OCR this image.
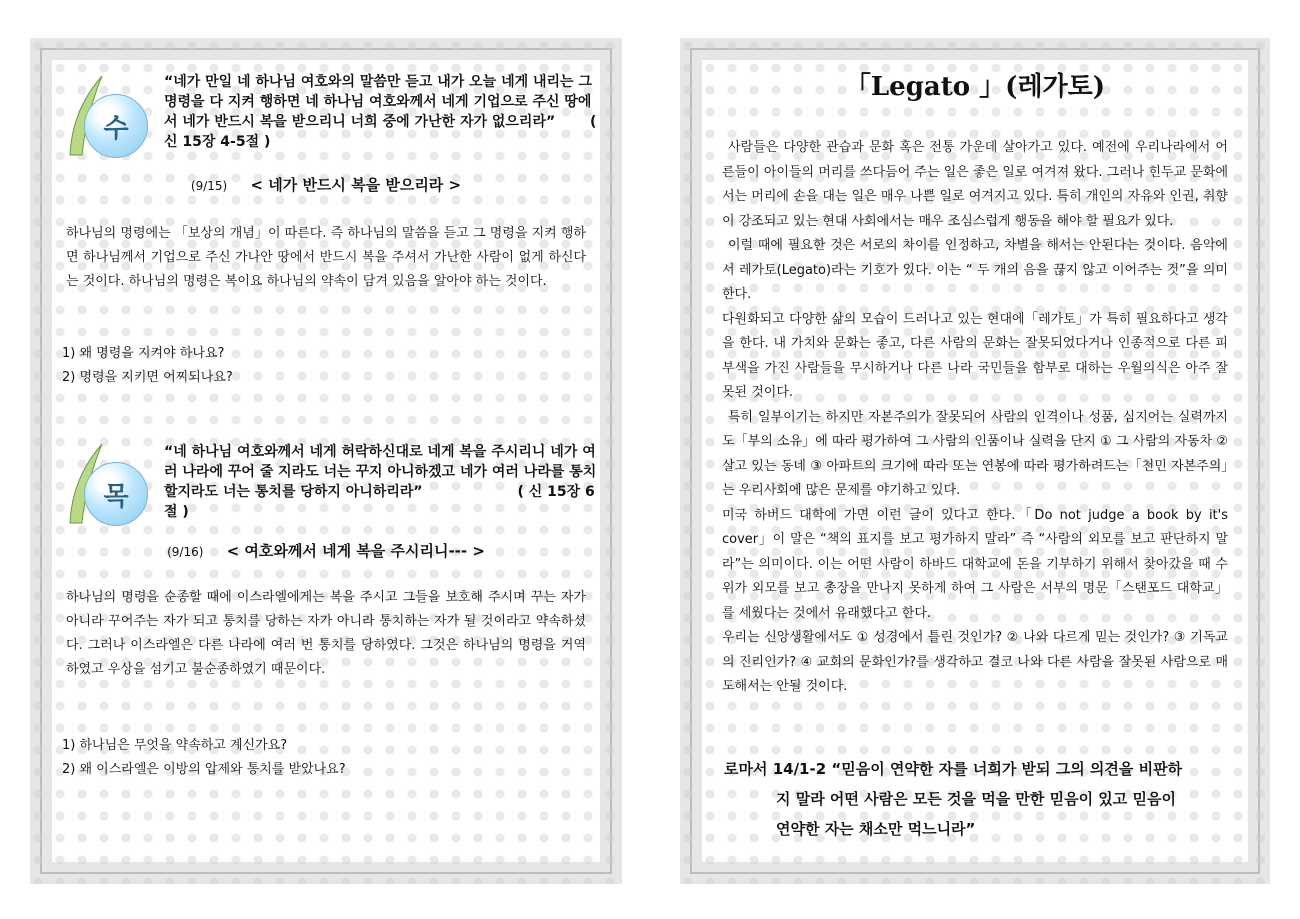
수
“네가 만일 네 하나님 여호와의 말씀만 듣고 내가 오늘 네게 내리는 그 명령을 다 지켜 행하면 네 하나님 여호와께서 네게 기업으로 주신 땅에서 네가 반드시 복을 받으리니 너희 중에 가난한 자가 없으리라” ( 신 15장 4-5절 )
(9/15) < 네가 반드시 복을 받으리라 >
하나님의 명령에는 「보상의 개념」이 따른다. 즉 하나님의 말씀을 듣고 그 명령을 지켜 행하면 하나님께서 기업으로 주신 가나안 땅에서 반드시 복을 주셔서 가난한 사람이 없게 하신다는 것이다. 하나님의 명령은 복이요 하나님의 약속이 담겨 있음을 알아야 하는 것이다.
1) 왜 명령을 지켜야 하나요?
2) 명령을 지키면 어찌되나요?
목
“네 하나님 여호와께서 네게 허락하신대로 네게 복을 주시리니 네가 여러 나라에 꾸어 줄 지라도 너는 꾸지 아니하겠고 네가 여러 나라를 통치할지라도 너는 통치를 당하지 아니하리라”	( 신 15장 6절 )
(9/16) < 여호와께서 네게 복을 주시리니--- >
하나님의 명령을 순종할 때에 이스라엘에게는 복을 주시고 그들을 보호해 주시며 꾸는 자가 아니라 꾸어주는 자가 되고 통치를 당하는 자가 아니라 통치하는 자가 될 것이라고 약속하셨다. 그러나 이스라엘은 다른 나라에 여러 번 통치를 당하였다. 그것은 하나님의 명령을 거역하였고 우상을 섬기고 불순종하였기 때문이다.
1) 하나님은 무엇을 약속하고 계신가요?
2) 왜 이스라엘은 이방의 압제와 통치를 받았나요?
「Legato 」(레가토)

사람들은 다양한 관습과 문화 혹은 전통 가운데 살아가고 있다. 예전에 우리나라에서 어른들이 아이들의 머리를 쓰다듬어 주는 일은 좋은 일로 여겨져 왔다. 그러나 힌두교 문화에서는 머리에 손을 대는 일은 매우 나쁜 일로 여겨지고 있다. 특히 개인의 자유와 인권, 취향이 강조되고 있는 현대 사회에서는 매우 조심스럽게 행동을 해야 할 필요가 있다.

이럴 때에 필요한 것은 서로의 차이를 인정하고, 차별을 해서는 안된다는 것이다. 음악에서 레가토(Legato)라는 기호가 있다. 이는 “ 두 개의 음을 끊지 않고 이어주는 것”을 의미한다.

다원화되고 다양한 삶의 모습이 드러나고 있는 현대에「레가토」가 특히 필요하다고 생각을 한다. 내 가치와 문화는 좋고, 다른 사람의 문화는 잘못되었다거나 인종적으로 다른 피부색을 가진 사람들을 무시하거나 다른 나라 국민들을 함부로 대하는 우월의식은 아주 잘못된 것이다.

특히 일부이기는 하지만 자본주의가 잘못되어 사람의 인격이나 성품, 심지어는 실력까지도「부의 소유」에 따라 평가하여 그 사람의 인품이나 실력을 단지 ① 그 사람의 자동차 ② 살고 있는 동네 ③ 아파트의 크기에 따라 또는 연봉에 따라 평가하려드는「천민 자본주의」는 우리사회에 많은 문제를 야기하고 있다.

미국 하버드 대학에 가면 이런 글이 있다고 한다.「Do not judge a book by it's cover」이 말은 “책의 표지를 보고 평가하지 말라” 즉 “사람의 외모를 보고 판단하지 말라”는 의미이다. 이는 어떤 사람이 하바드 대학교에 돈을 기부하기 위해서 찾아갔을 때 수위가 외모를 보고 총장을 만나지 못하게 하여 그 사람은 서부의 명문「스탠포드 대학교」를 세웠다는 것에서 유래했다고 한다.

우리는 신앙생활에서도 ① 성경에서 틀린 것인가? ② 나와 다르게 믿는 것인가? ③ 기독교의 진리인가? ④ 교회의 문화인가?를 생각하고 결코 나와 다른 사람을 잘못된 사람으로 매도해서는 안될 것이다.

로마서 14/1-2 “믿음이 연약한 자를 너희가 받되 그의 의견을 비판하
지 말라 어떤 사람은 모든 것을 먹을 만한 믿음이 있고 믿음이
연약한 자는 채소만 먹느니라”
